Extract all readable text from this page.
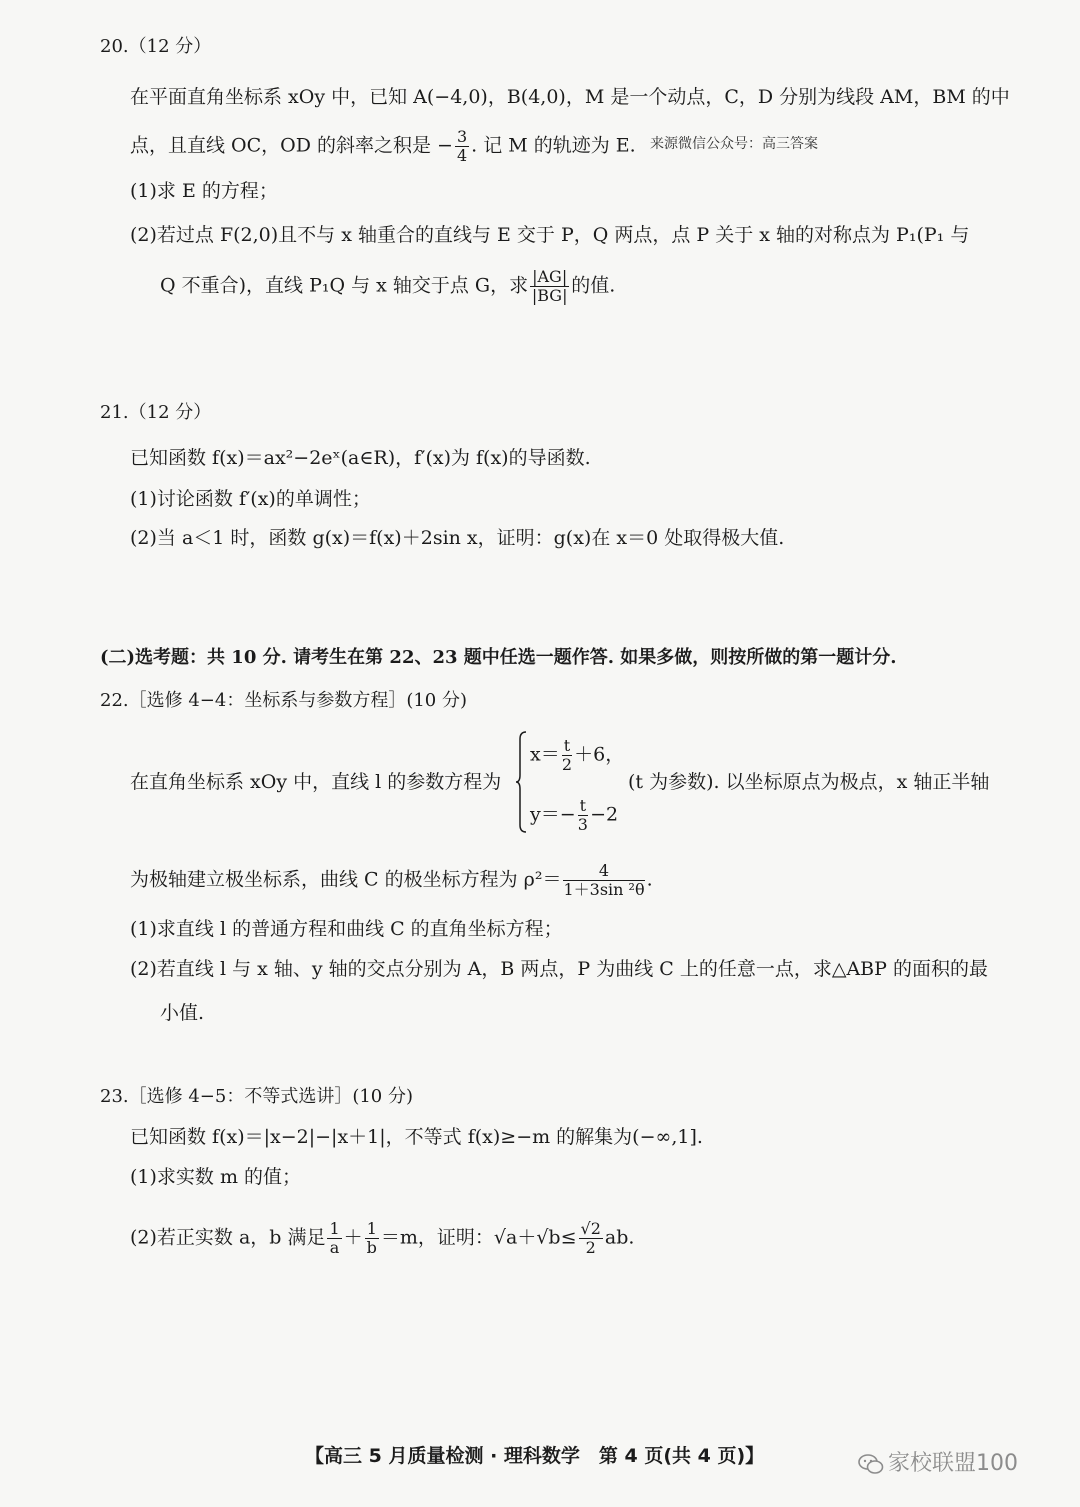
20.（12 分）
在平面直角坐标系 xOy 中，已知 A(−4,0)，B(4,0)，M 是一个动点，C，D 分别为线段 AM，BM 的中
点，且直线 OC，OD 的斜率之积是 − $\frac{3}{4}$ . 记 M 的轨迹为 E. 来源微信公众号：高三答案
(1)求 E 的方程；
(2)若过点 F(2,0)且不与 x 轴重合的直线与 E 交于 P，Q 两点，点 P 关于 x 轴的对称点为 P₁(P₁ 与
Q 不重合)，直线 P₁Q 与 x 轴交于点 G，求 $\frac{|AG|}{|BG|}$ 的值.
21.（12 分）
已知函数 f(x)＝ax²−2eˣ(a∈R)，f′(x)为 f(x)的导函数.
(1)讨论函数 f′(x)的单调性；
(2)当 a＜1 时，函数 g(x)＝f(x)＋2sin x，证明：g(x)在 x＝0 处取得极大值.
(二)选考题：共 10 分. 请考生在第 22、23 题中任选一题作答. 如果多做，则按所做的第一题计分.
22.［选修 4−4：坐标系与参数方程］(10 分)
在直角坐标系 xOy 中，直线 l 的参数方程为
$x= \frac{t}{2} +6$，
$y=- \frac{t}{3} -2$
(t 为参数). 以坐标原点为极点，x 轴正半轴
为极轴建立极坐标系，曲线 C 的极坐标方程为 $\rho^2= \frac{4}{\text{1＋3sin ²θ}}$ .
(1)求直线 l 的普通方程和曲线 C 的直角坐标方程；
(2)若直线 l 与 x 轴、y 轴的交点分别为 A，B 两点，P 为曲线 C 上的任意一点，求△ABP 的面积的最
小值.
23.［选修 4−5：不等式选讲］(10 分)
已知函数 f(x)＝|x−2|−|x＋1|，不等式 f(x)≥−m 的解集为(−∞,1].
(1)求实数 m 的值；
(2)若正实数 a，b 满足 $\frac{1}{a} + \frac{1}{b} =m$，证明：$√a+√b\le \frac{√2}{2}$ ab.
【高三 5 月质量检测 · 理科数学　第 4 页(共 4 页)】	家校联盟100
